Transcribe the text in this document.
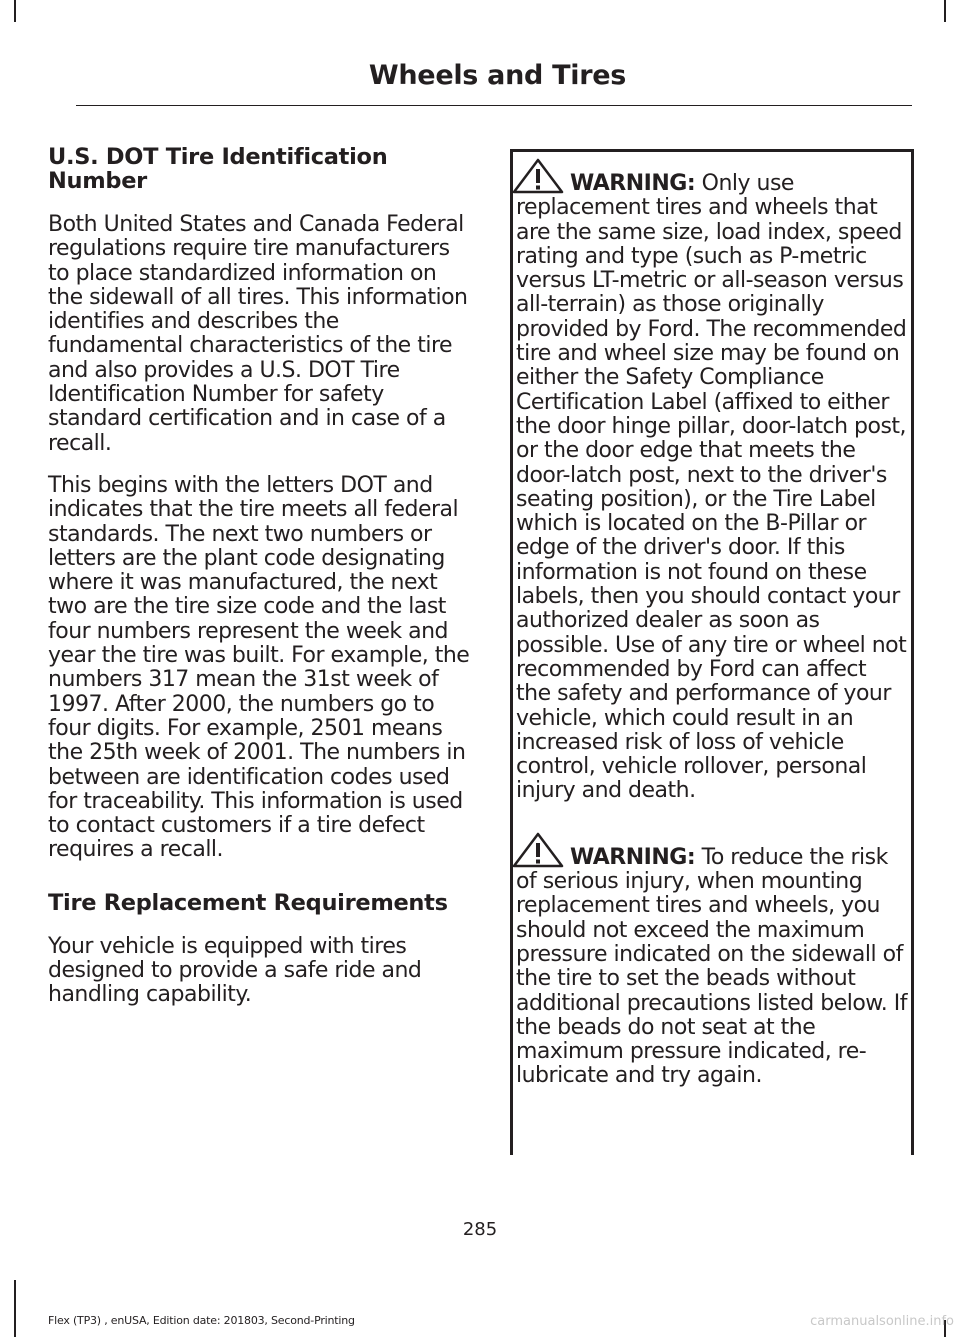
Wheels and Tires
U.S. DOT Tire Identification Number

Both United States and Canada Federal regulations require tire manufacturers to place standardized information on the sidewall of all tires. This information identifies and describes the fundamental characteristics of the tire and also provides a U.S. DOT Tire Identification Number for safety standard certification and in case of a recall.

This begins with the letters DOT and indicates that the tire meets all federal standards. The next two numbers or letters are the plant code designating where it was manufactured, the next two are the tire size code and the last four numbers represent the week and year the tire was built. For example, the numbers 317 mean the 31st week of 1997. After 2000, the numbers go to four digits. For example, 2501 means the 25th week of 2001. The numbers in between are identification codes used for traceability. This information is used to contact customers if a tire defect requires a recall.

Tire Replacement Requirements

Your vehicle is equipped with tires designed to provide a safe ride and handling capability.

WARNING: Only use replacement tires and wheels that are the same size, load index, speed rating and type (such as P-metric versus LT-metric or all-season versus all-terrain) as those originally provided by Ford. The recommended tire and wheel size may be found on either the Safety Compliance Certification Label (affixed to either the door hinge pillar, door-latch post, or the door edge that meets the door-latch post, next to the driver's seating position), or the Tire Label which is located on the B-Pillar or edge of the driver's door. If this information is not found on these labels, then you should contact your authorized dealer as soon as possible. Use of any tire or wheel not recommended by Ford can affect the safety and performance of your vehicle, which could result in an increased risk of loss of vehicle control, vehicle rollover, personal injury and death.
WARNING: To reduce the risk of serious injury, when mounting replacement tires and wheels, you should not exceed the maximum pressure indicated on the sidewall of the tire to set the beads without additional precautions listed below. If the beads do not seat at the maximum pressure indicated, re-lubricate and try again.
285
Flex (TP3) , enUSA, Edition date: 201803, Second-Printing	carmanualsonline.info
